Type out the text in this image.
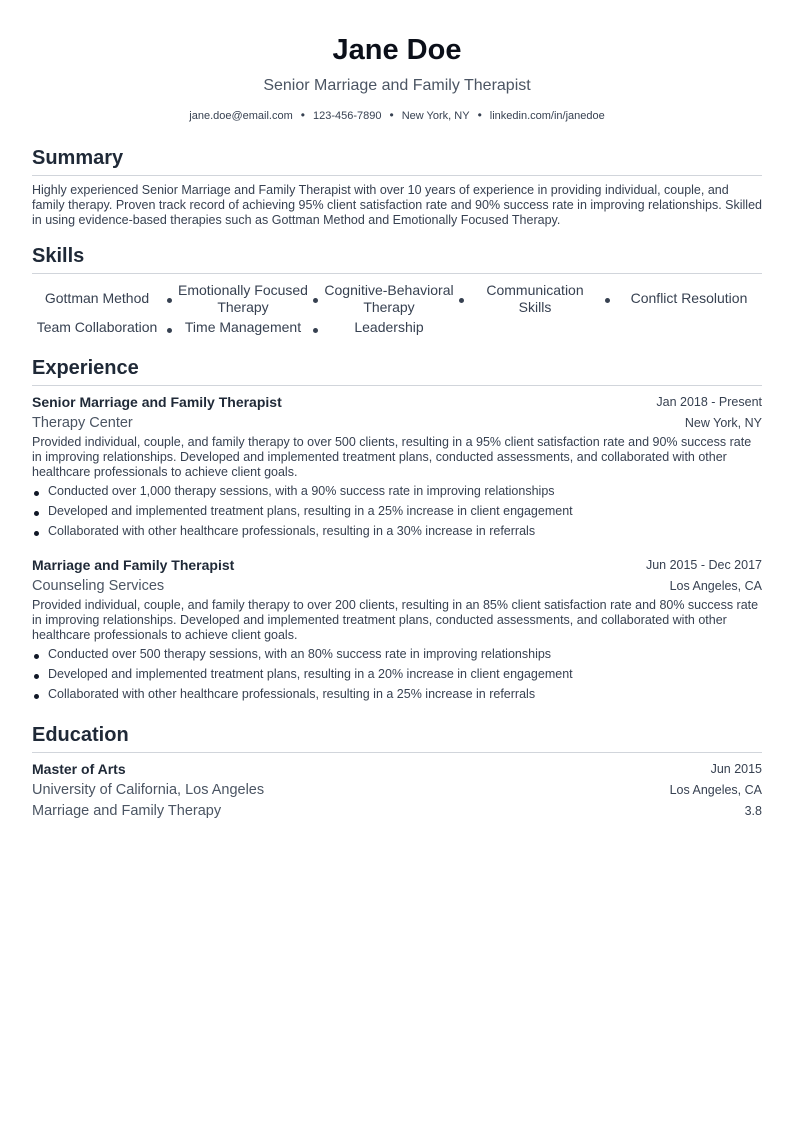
Jane Doe
Senior Marriage and Family Therapist
jane.doe@email.com • 123-456-7890 • New York, NY • linkedin.com/in/janedoe
Summary
Highly experienced Senior Marriage and Family Therapist with over 10 years of experience in providing individual, couple, and family therapy. Proven track record of achieving 95% client satisfaction rate and 90% success rate in improving relationships. Skilled in using evidence-based therapies such as Gottman Method and Emotionally Focused Therapy.
Skills
Gottman Method	Emotionally Focused Therapy
Cognitive-Behavioral Therapy
Communication Skills
Conflict Resolution
Team Collaboration	Time Management	Leadership
Experience
Senior Marriage and Family Therapist	Jan 2018 - Present
Therapy Center	New York, NY
Provided individual, couple, and family therapy to over 500 clients, resulting in a 95% client satisfaction rate and 90% success rate in improving relationships. Developed and implemented treatment plans, conducted assessments, and collaborated with other healthcare professionals to achieve client goals.
Conducted over 1,000 therapy sessions, with a 90% success rate in improving relationships
Developed and implemented treatment plans, resulting in a 25% increase in client engagement
Collaborated with other healthcare professionals, resulting in a 30% increase in referrals
Marriage and Family Therapist	Jun 2015 - Dec 2017
Counseling Services	Los Angeles, CA
Provided individual, couple, and family therapy to over 200 clients, resulting in an 85% client satisfaction rate and 80% success rate in improving relationships. Developed and implemented treatment plans, conducted assessments, and collaborated with other healthcare professionals to achieve client goals.
Conducted over 500 therapy sessions, with an 80% success rate in improving relationships
Developed and implemented treatment plans, resulting in a 20% increase in client engagement
Collaborated with other healthcare professionals, resulting in a 25% increase in referrals
Education
Master of Arts	Jun 2015
University of California, Los Angeles	Los Angeles, CA
Marriage and Family Therapy	3.8
